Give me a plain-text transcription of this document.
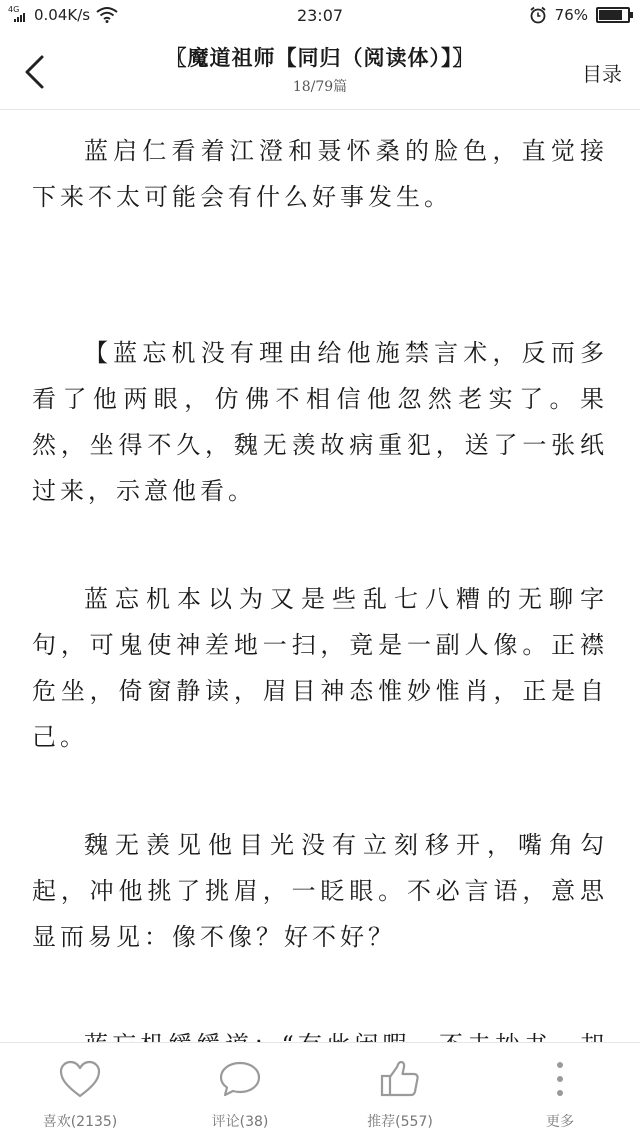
4G 0.04K/s	23:07	76%
〖魔道祖师【同归（阅读体）】〗
18/79篇
目录

蓝启仁看着江澄和聂怀桑的脸色，直觉接下来不太可能会有什么好事发生。

【蓝忘机没有理由给他施禁言术，反而多看了他两眼，仿佛不相信他忽然老实了。果然，坐得不久，魏无羡故病重犯，送了一张纸过来，示意他看。

蓝忘机本以为又是些乱七八糟的无聊字句，可鬼使神差地一扫，竟是一副人像。正襟危坐，倚窗静读，眉目神态惟妙惟肖，正是自己。

魏无羡见他目光没有立刻移开，嘴角勾起，冲他挑了挑眉，一眨眼。不必言语，意思显而易见：像不像？好不好？

喜欢(2135)	评论(38)	推荐(557)	更多
